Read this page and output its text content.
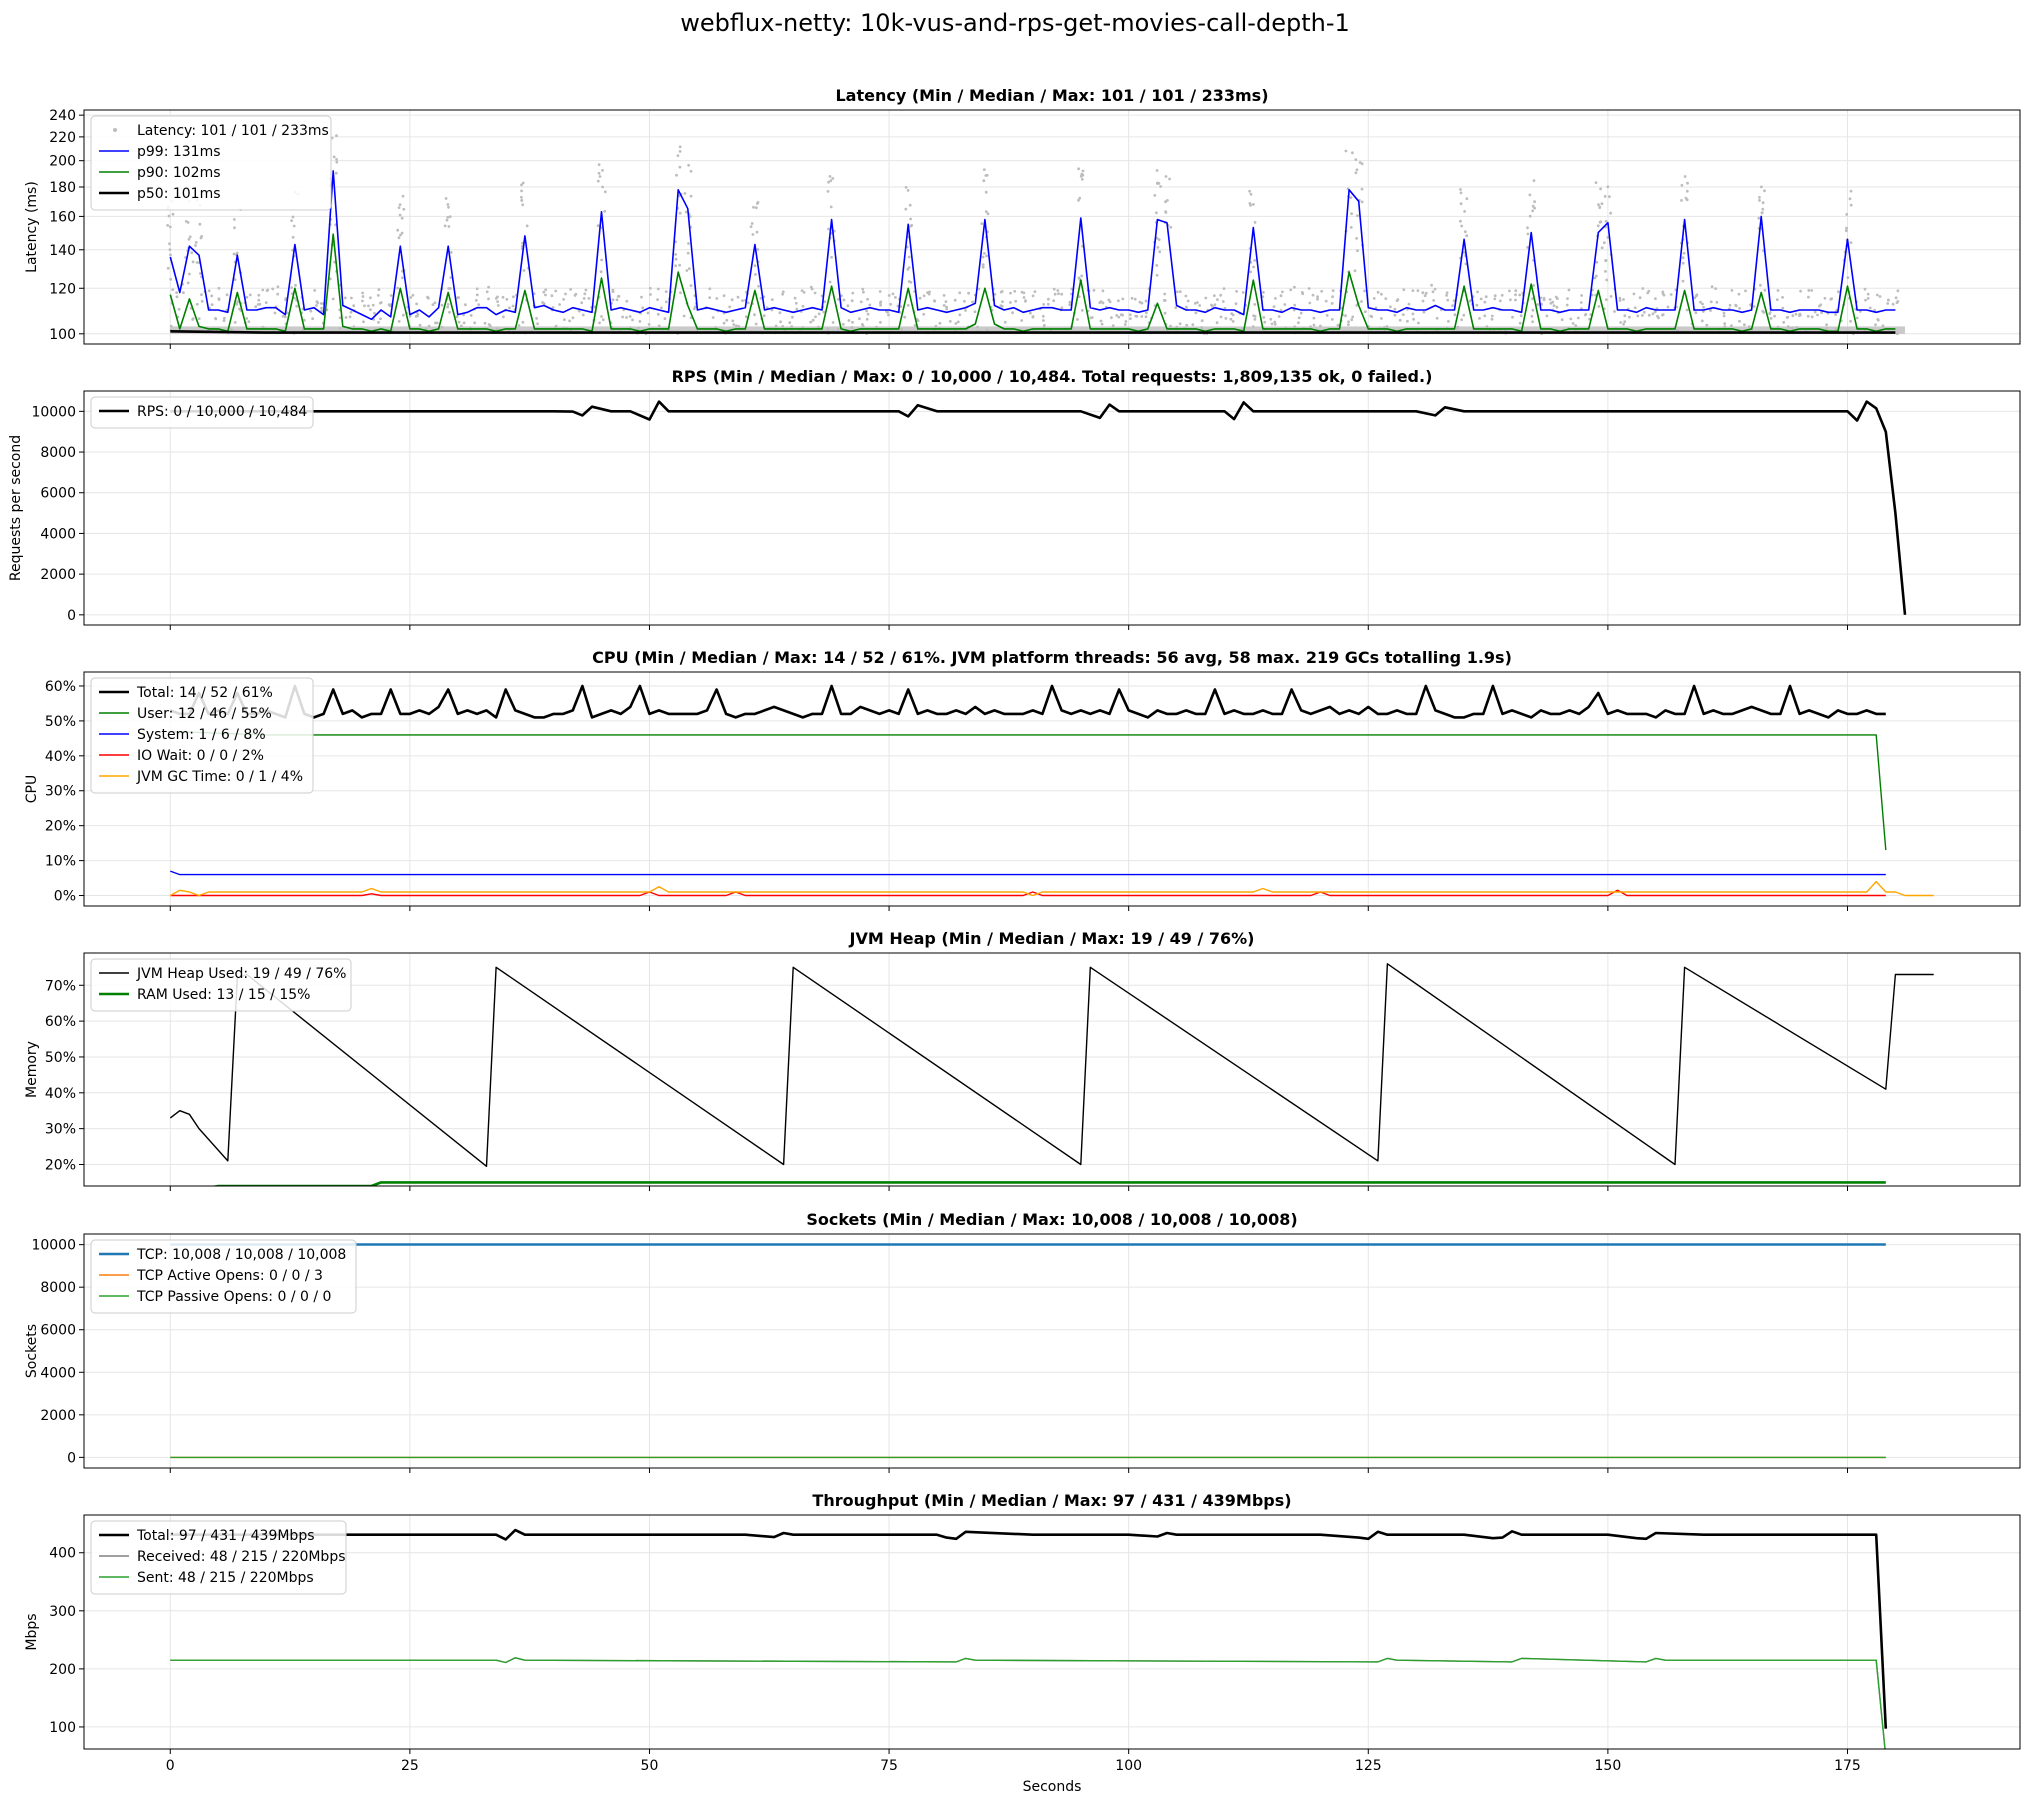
webflux-netty: 10k-vus-and-rps-get-movies-call-depth-1
Latency (Min / Median / Max: 101 / 101 / 233ms)
100
120
140
160
180
200
220
240
Latency (ms)
Latency: 101 / 101 / 233ms
p99: 131ms
p90: 102ms
p50: 101ms
RPS (Min / Median / Max: 0 / 10,000 / 10,484. Total requests: 1,809,135 ok, 0 failed.)
0
2000
4000
6000
8000
10000
Requests per second
RPS: 0 / 10,000 / 10,484
CPU (Min / Median / Max: 14 / 52 / 61%. JVM platform threads: 56 avg, 58 max. 219 GCs totalling 1.9s)
0%
10%
20%
30%
40%
50%
60%
CPU
Total: 14 / 52 / 61%
User: 12 / 46 / 55%
System: 1 / 6 / 8%
IO Wait: 0 / 0 / 2%
JVM GC Time: 0 / 1 / 4%
JVM Heap (Min / Median / Max: 19 / 49 / 76%)
20%
30%
40%
50%
60%
70%
Memory
JVM Heap Used: 19 / 49 / 76%
RAM Used: 13 / 15 / 15%
Sockets (Min / Median / Max: 10,008 / 10,008 / 10,008)
0
2000
4000
6000
8000
10000
Sockets
TCP: 10,008 / 10,008 / 10,008
TCP Active Opens: 0 / 0 / 3
TCP Passive Opens: 0 / 0 / 0
Throughput (Min / Median / Max: 97 / 431 / 439Mbps)
100
200
300
400
0	25	50	75	100	125	150	175
Mbps
Total: 97 / 431 / 439Mbps
Received: 48 / 215 / 220Mbps
Sent: 48 / 215 / 220Mbps
Seconds
